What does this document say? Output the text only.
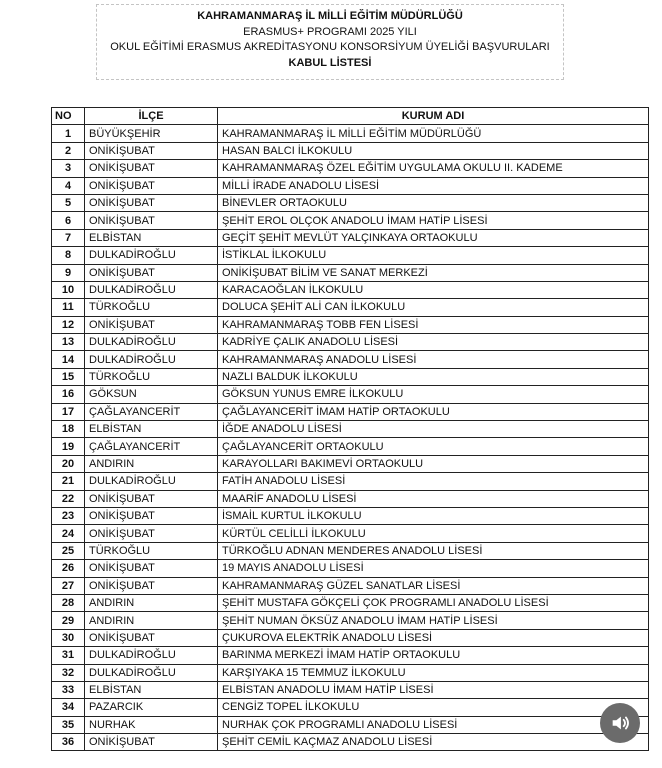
KAHRAMANMARAŞ İL MİLLİ EĞİTİM MÜDÜRLÜĞÜ
ERASMUS+ PROGRAMI 2025 YILI
OKUL EĞİTİMİ ERASMUS AKREDİTASYONU KONSORSİYUM ÜYELİĞİ BAŞVURULARI
KABUL LİSTESİ
NO	İLÇE	KURUM ADI
1	BÜYÜKŞEHİR	KAHRAMANMARAŞ İL MİLLİ EĞİTİM MÜDÜRLÜĞÜ
2	ONİKİŞUBAT	HASAN BALCI İLKOKULU
3	ONİKİŞUBAT	KAHRAMANMARAŞ ÖZEL EĞİTİM UYGULAMA OKULU II. KADEME
4	ONİKİŞUBAT	MİLLİ İRADE ANADOLU LİSESİ
5	ONİKİŞUBAT	BİNEVLER ORTAOKULU
6	ONİKİŞUBAT	ŞEHİT EROL OLÇOK ANADOLU İMAM HATİP LİSESİ
7	ELBİSTAN	GEÇİT ŞEHİT MEVLÜT YALÇINKAYA ORTAOKULU
8	DULKADİROĞLU	İSTİKLAL İLKOKULU
9	ONİKİŞUBAT	ONİKİŞUBAT BİLİM VE SANAT MERKEZİ
10	DULKADİROĞLU	KARACAOĞLAN İLKOKULU
11	TÜRKOĞLU	DOLUCA ŞEHİT ALİ CAN İLKOKULU
12	ONİKİŞUBAT	KAHRAMANMARAŞ TOBB FEN LİSESİ
13	DULKADİROĞLU	KADRİYE ÇALIK ANADOLU LİSESİ
14	DULKADİROĞLU	KAHRAMANMARAŞ ANADOLU LİSESİ
15	TÜRKOĞLU	NAZLI BALDUK İLKOKULU
16	GÖKSUN	GÖKSUN YUNUS EMRE İLKOKULU
17	ÇAĞLAYANCERİT	ÇAĞLAYANCERİT İMAM HATİP ORTAOKULU
18	ELBİSTAN	İĞDE ANADOLU LİSESİ
19	ÇAĞLAYANCERİT	ÇAĞLAYANCERİT ORTAOKULU
20	ANDIRIN	KARAYOLLARI BAKIMEVİ ORTAOKULU
21	DULKADİROĞLU	FATİH ANADOLU LİSESİ
22	ONİKİŞUBAT	MAARİF ANADOLU LİSESİ
23	ONİKİŞUBAT	İSMAİL KURTUL İLKOKULU
24	ONİKİŞUBAT	KÜRTÜL CELİLLİ İLKOKULU
25	TÜRKOĞLU	TÜRKOĞLU ADNAN MENDERES ANADOLU LİSESİ
26	ONİKİŞUBAT	19 MAYIS ANADOLU LİSESİ
27	ONİKİŞUBAT	KAHRAMANMARAŞ GÜZEL SANATLAR LİSESİ
28	ANDIRIN	ŞEHİT MUSTAFA GÖKÇELİ ÇOK PROGRAMLI ANADOLU LİSESİ
29	ANDIRIN	ŞEHİT NUMAN ÖKSÜZ ANADOLU İMAM HATİP LİSESİ
30	ONİKİŞUBAT	ÇUKUROVA ELEKTRİK ANADOLU LİSESİ
31	DULKADİROĞLU	BARINMA MERKEZİ İMAM HATİP ORTAOKULU
32	DULKADİROĞLU	KARŞIYAKA 15 TEMMUZ İLKOKULU
33	ELBİSTAN	ELBİSTAN ANADOLU İMAM HATİP LİSESİ
34	PAZARCIK	CENGİZ TOPEL İLKOKULU
35	NURHAK	NURHAK ÇOK PROGRAMLI ANADOLU LİSESİ
36	ONİKİŞUBAT	ŞEHİT CEMİL KAÇMAZ ANADOLU LİSESİ
